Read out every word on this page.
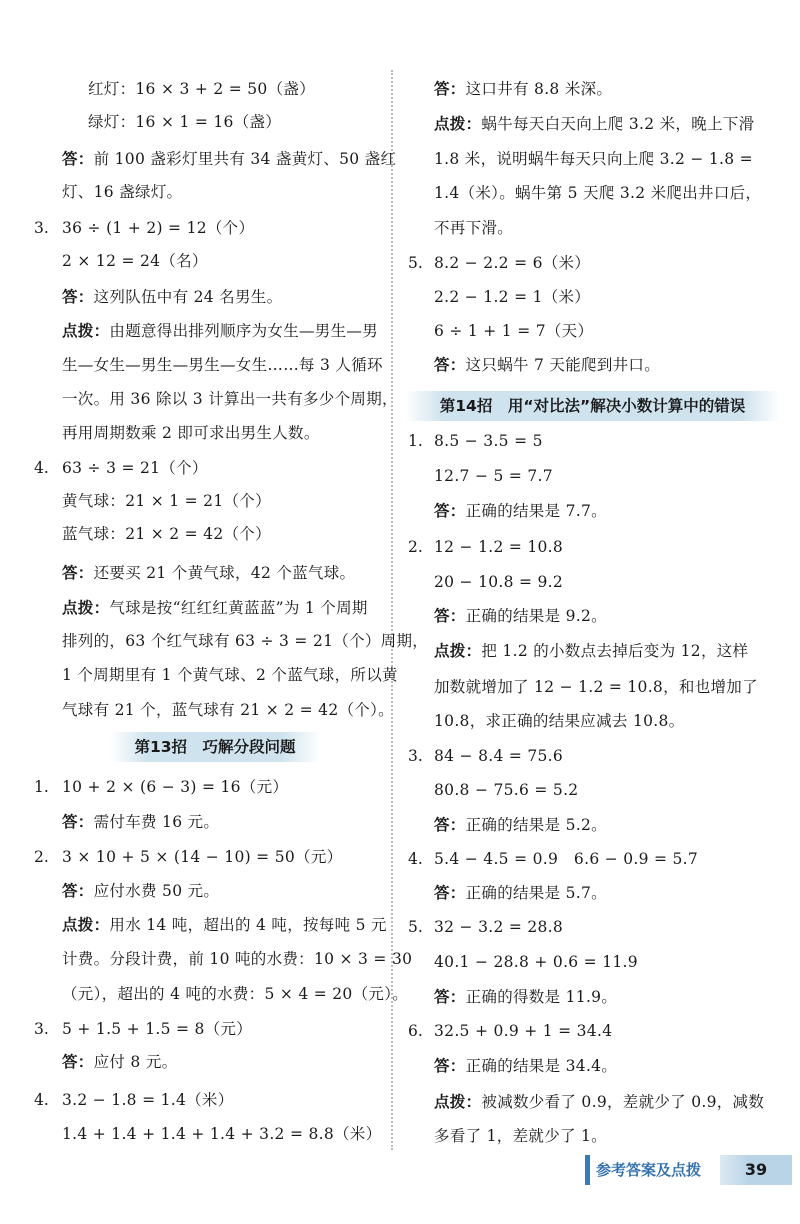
红灯：16 × 3 + 2 = 50（盏）
绿灯：16 × 1 = 16（盏）
答：前 100 盏彩灯里共有 34 盏黄灯、50 盏红
灯、16 盏绿灯。
3. 36 ÷ (1 + 2) = 12（个）
2 × 12 = 24（名）
答：这列队伍中有 24 名男生。
点拨：由题意得出排列顺序为女生—男生—男
生—女生—男生—男生—女生……每 3 人循环
一次。用 36 除以 3 计算出一共有多少个周期，
再用周期数乘 2 即可求出男生人数。
4. 63 ÷ 3 = 21（个）
黄气球：21 × 1 = 21（个）
蓝气球：21 × 2 = 42（个）
答：还要买 21 个黄气球，42 个蓝气球。
点拨：气球是按“红红红黄蓝蓝”为 1 个周期
排列的，63 个红气球有 63 ÷ 3 = 21（个）周期，
1 个周期里有 1 个黄气球、2 个蓝气球，所以黄
气球有 21 个，蓝气球有 21 × 2 = 42（个）。
第13招　巧解分段问题
1. 10 + 2 × (6 − 3) = 16（元）
答：需付车费 16 元。
2. 3 × 10 + 5 × (14 − 10) = 50（元）
答：应付水费 50 元。
点拨：用水 14 吨，超出的 4 吨，按每吨 5 元
计费。分段计费，前 10 吨的水费：10 × 3 = 30
（元），超出的 4 吨的水费：5 × 4 = 20（元）。
3. 5 + 1.5 + 1.5 = 8（元）
答：应付 8 元。
4. 3.2 − 1.8 = 1.4（米）
1.4 + 1.4 + 1.4 + 1.4 + 3.2 = 8.8（米）
答：这口井有 8.8 米深。
点拨：蜗牛每天白天向上爬 3.2 米，晚上下滑
1.8 米，说明蜗牛每天只向上爬 3.2 − 1.8 =
1.4（米）。蜗牛第 5 天爬 3.2 米爬出井口后，
不再下滑。
5. 8.2 − 2.2 = 6（米）
2.2 − 1.2 = 1（米）
6 ÷ 1 + 1 = 7（天）
答：这只蜗牛 7 天能爬到井口。
第14招　用“对比法”解决小数计算中的错误
1. 8.5 − 3.5 = 5
12.7 − 5 = 7.7
答：正确的结果是 7.7。
2. 12 − 1.2 = 10.8
20 − 10.8 = 9.2
答：正确的结果是 9.2。
点拨：把 1.2 的小数点去掉后变为 12，这样
加数就增加了 12 − 1.2 = 10.8，和也增加了
10.8，求正确的结果应减去 10.8。
3. 84 − 8.4 = 75.6
80.8 − 75.6 = 5.2
答：正确的结果是 5.2。
4. 5.4 − 4.5 = 0.9　6.6 − 0.9 = 5.7
答：正确的结果是 5.7。
5. 32 − 3.2 = 28.8
40.1 − 28.8 + 0.6 = 11.9
答：正确的得数是 11.9。
6. 32.5 + 0.9 + 1 = 34.4
答：正确的结果是 34.4。
点拨：被减数少看了 0.9，差就少了 0.9，减数
多看了 1，差就少了 1。
参考答案及点拨	39
